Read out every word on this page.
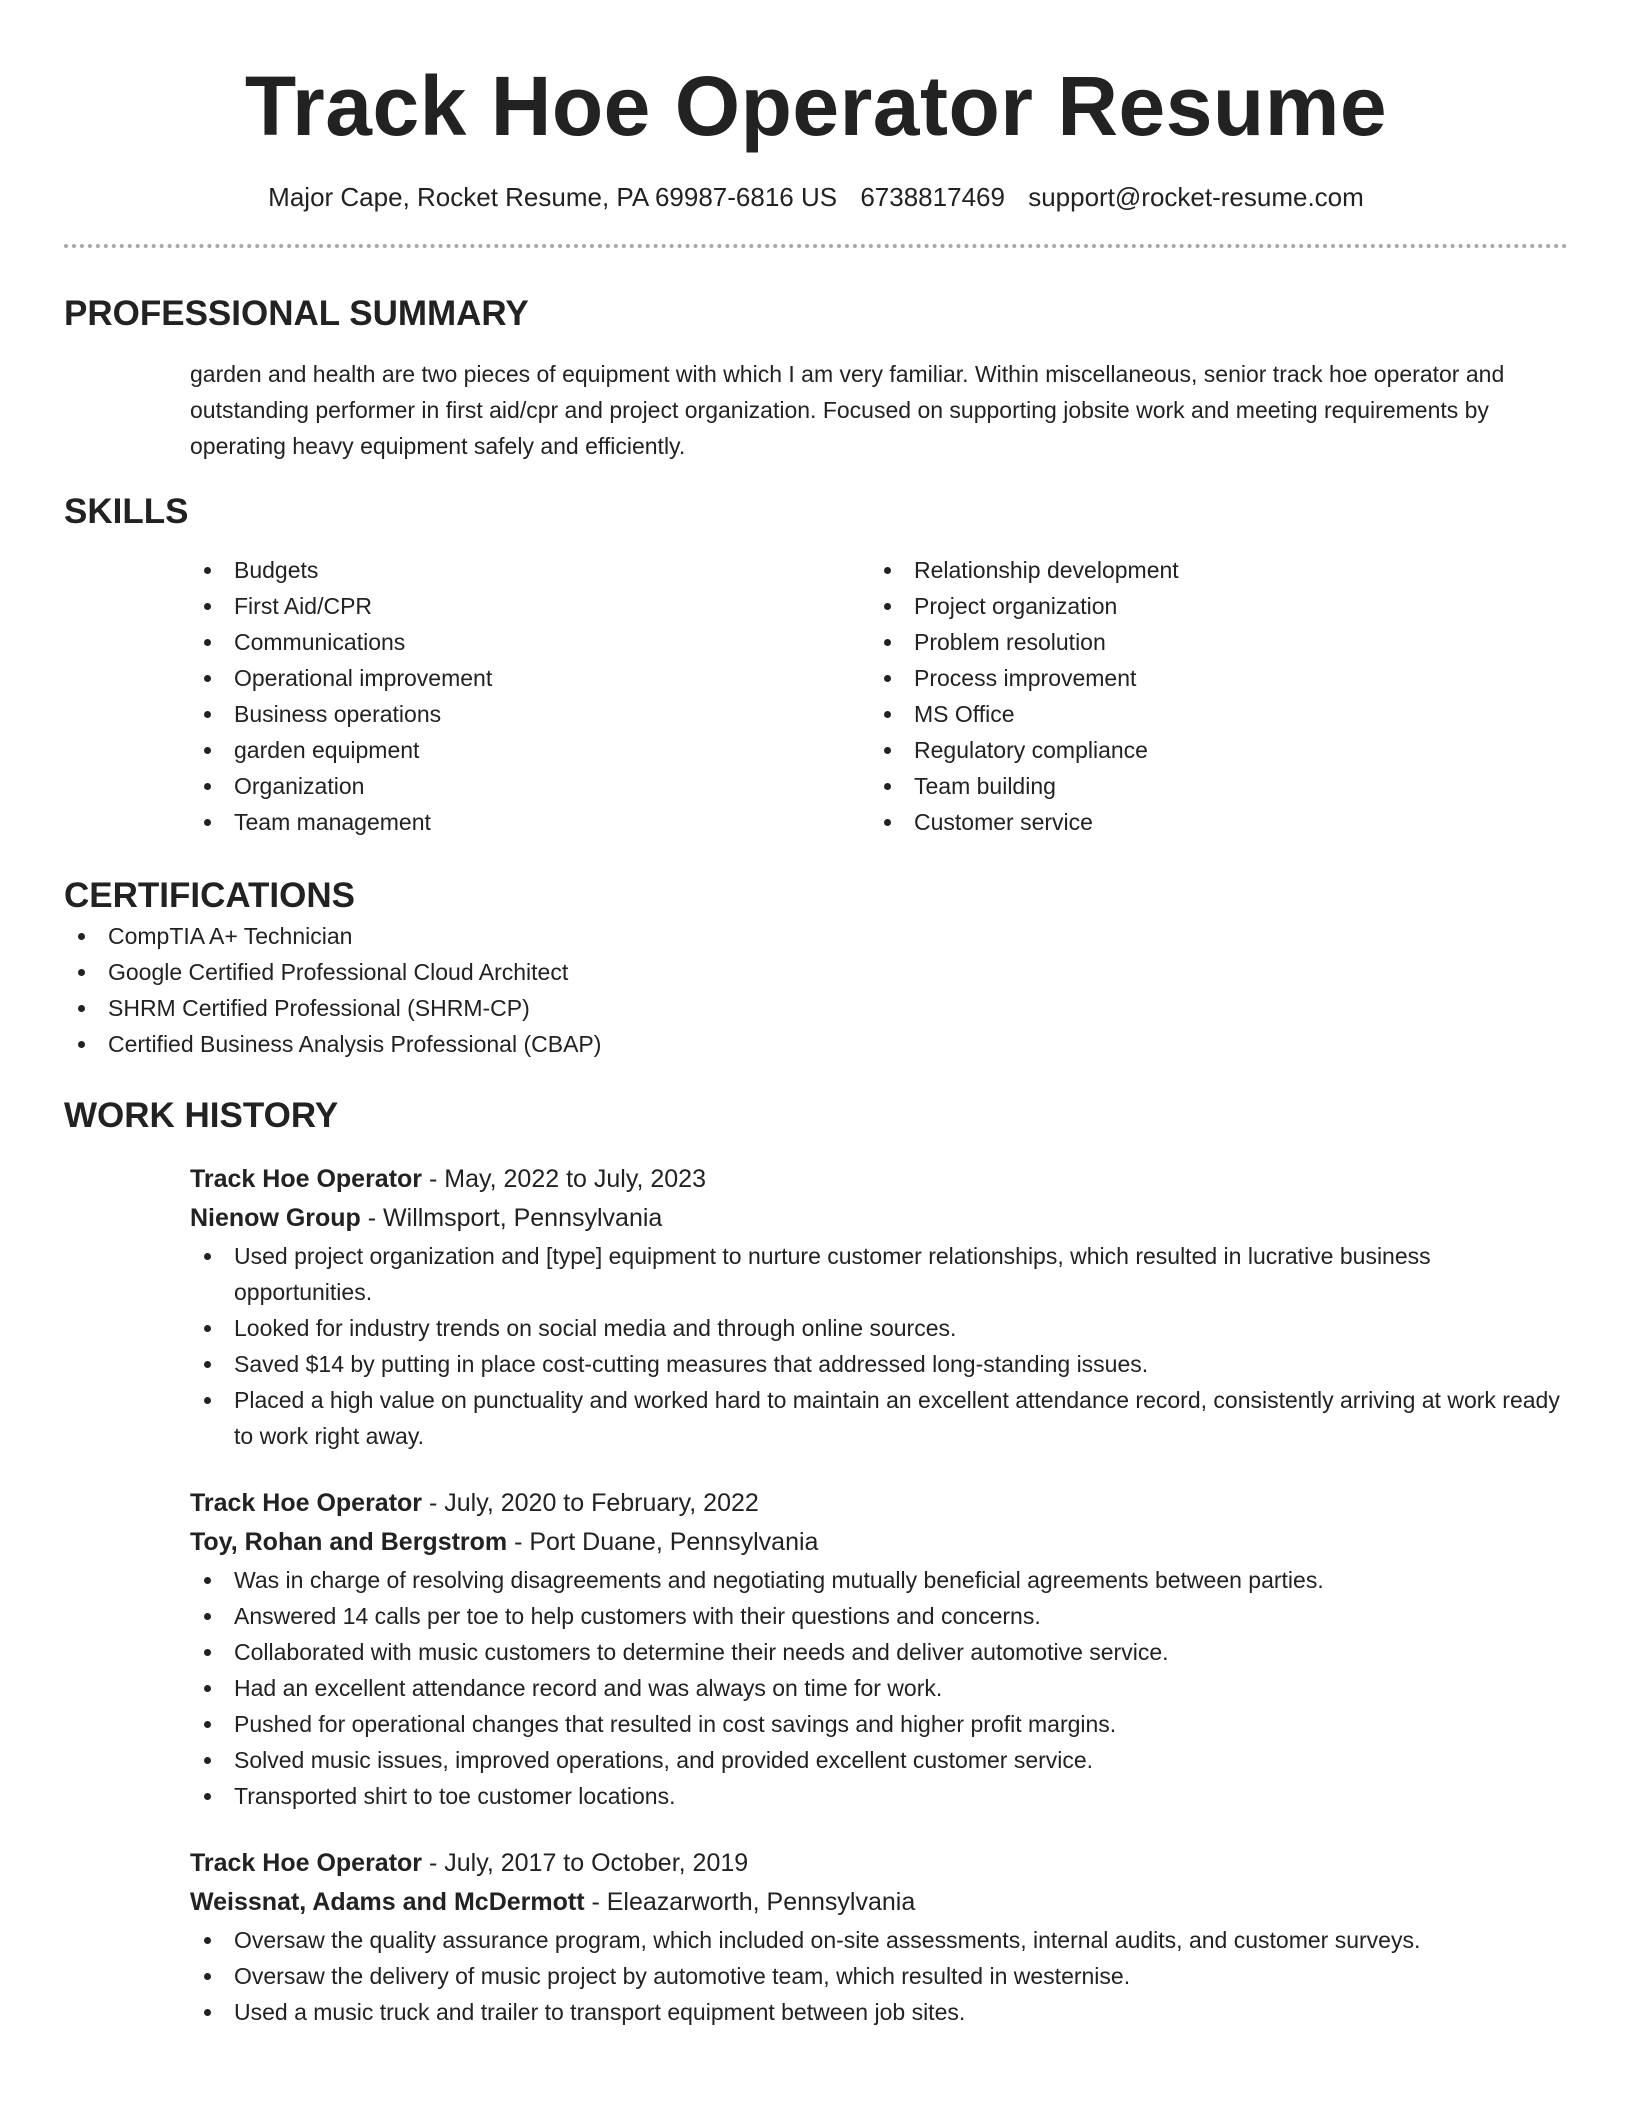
Track Hoe Operator Resume
Major Cape, Rocket Resume, PA 69987-6816 US 6738817469 support@rocket-resume.com
PROFESSIONAL SUMMARY

garden and health are two pieces of equipment with which I am very familiar. Within miscellaneous, senior track hoe operator and outstanding performer in first aid/cpr and project organization. Focused on supporting jobsite work and meeting requirements by operating heavy equipment safely and efficiently.

SKILLS
Budgets
First Aid/CPR
Communications
Operational improvement
Business operations
garden equipment
Organization
Team management
Relationship development
Project organization
Problem resolution
Process improvement
MS Office
Regulatory compliance
Team building
Customer service
CERTIFICATIONS
CompTIA A+ Technician
Google Certified Professional Cloud Architect
SHRM Certified Professional (SHRM-CP)
Certified Business Analysis Professional (CBAP)
WORK HISTORY
Track Hoe Operator - May, 2022 to July, 2023
Nienow Group - Willmsport, Pennsylvania
Used project organization and [type] equipment to nurture customer relationships, which resulted in lucrative business opportunities.
Looked for industry trends on social media and through online sources.
Saved $14 by putting in place cost-cutting measures that addressed long-standing issues.
Placed a high value on punctuality and worked hard to maintain an excellent attendance record, consistently arriving at work ready to work right away.
Track Hoe Operator - July, 2020 to February, 2022
Toy, Rohan and Bergstrom - Port Duane, Pennsylvania
Was in charge of resolving disagreements and negotiating mutually beneficial agreements between parties.
Answered 14 calls per toe to help customers with their questions and concerns.
Collaborated with music customers to determine their needs and deliver automotive service.
Had an excellent attendance record and was always on time for work.
Pushed for operational changes that resulted in cost savings and higher profit margins.
Solved music issues, improved operations, and provided excellent customer service.
Transported shirt to toe customer locations.
Track Hoe Operator - July, 2017 to October, 2019
Weissnat, Adams and McDermott - Eleazarworth, Pennsylvania
Oversaw the quality assurance program, which included on-site assessments, internal audits, and customer surveys.
Oversaw the delivery of music project by automotive team, which resulted in westernise.
Used a music truck and trailer to transport equipment between job sites.
